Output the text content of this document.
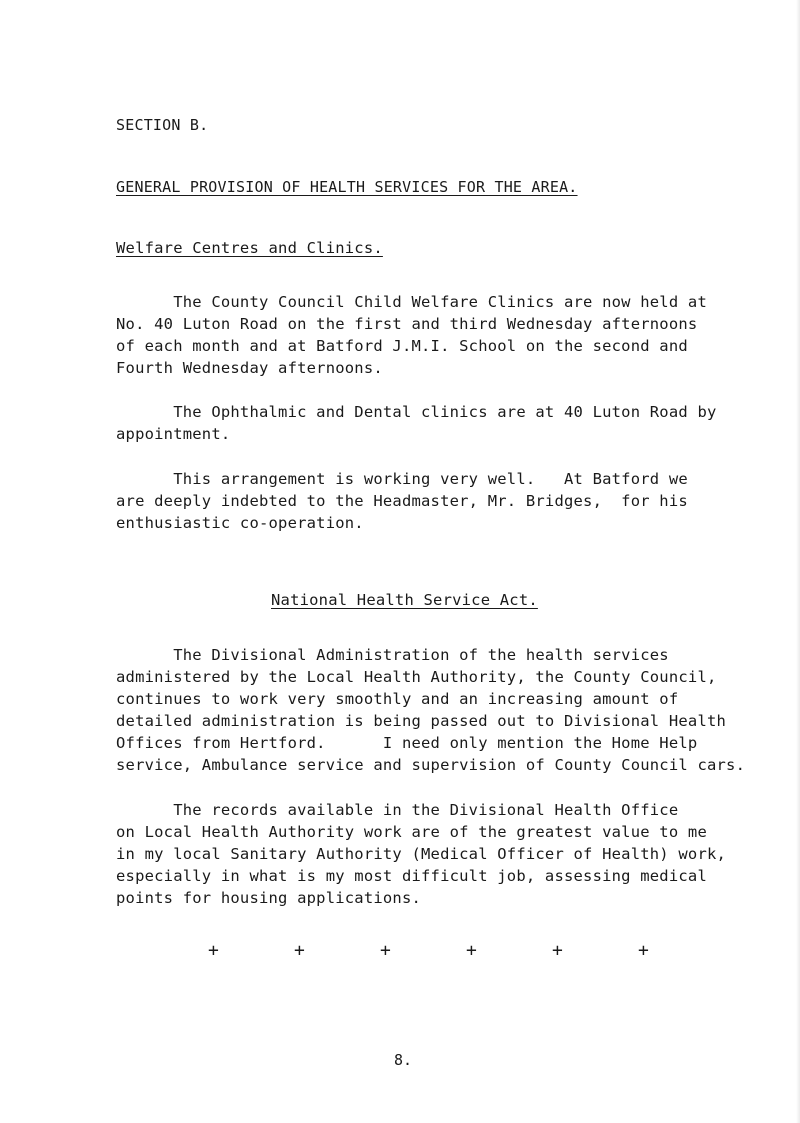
SECTION B.
GENERAL PROVISION OF HEALTH SERVICES FOR THE AREA.
Welfare Centres and Clinics.
The County Council Child Welfare Clinics are now held at
No. 40 Luton Road on the first and third Wednesday afternoons
of each month and at Batford J.M.I. School on the second and
Fourth Wednesday afternoons.
The Ophthalmic and Dental clinics are at 40 Luton Road by
appointment.
This arrangement is working very well.   At Batford we
are deeply indebted to the Headmaster, Mr. Bridges,  for his
enthusiastic co-operation.
National Health Service Act.
The Divisional Administration of the health services
administered by the Local Health Authority, the County Council,
continues to work very smoothly and an increasing amount of
detailed administration is being passed out to Divisional Health
Offices from Hertford.      I need only mention the Home Help
service, Ambulance service and supervision of County Council cars.
The records available in the Divisional Health Office
on Local Health Authority work are of the greatest value to me
in my local Sanitary Authority (Medical Officer of Health) work,
especially in what is my most difficult job, assessing medical
points for housing applications.
+	+	+	+	+	+
8.
